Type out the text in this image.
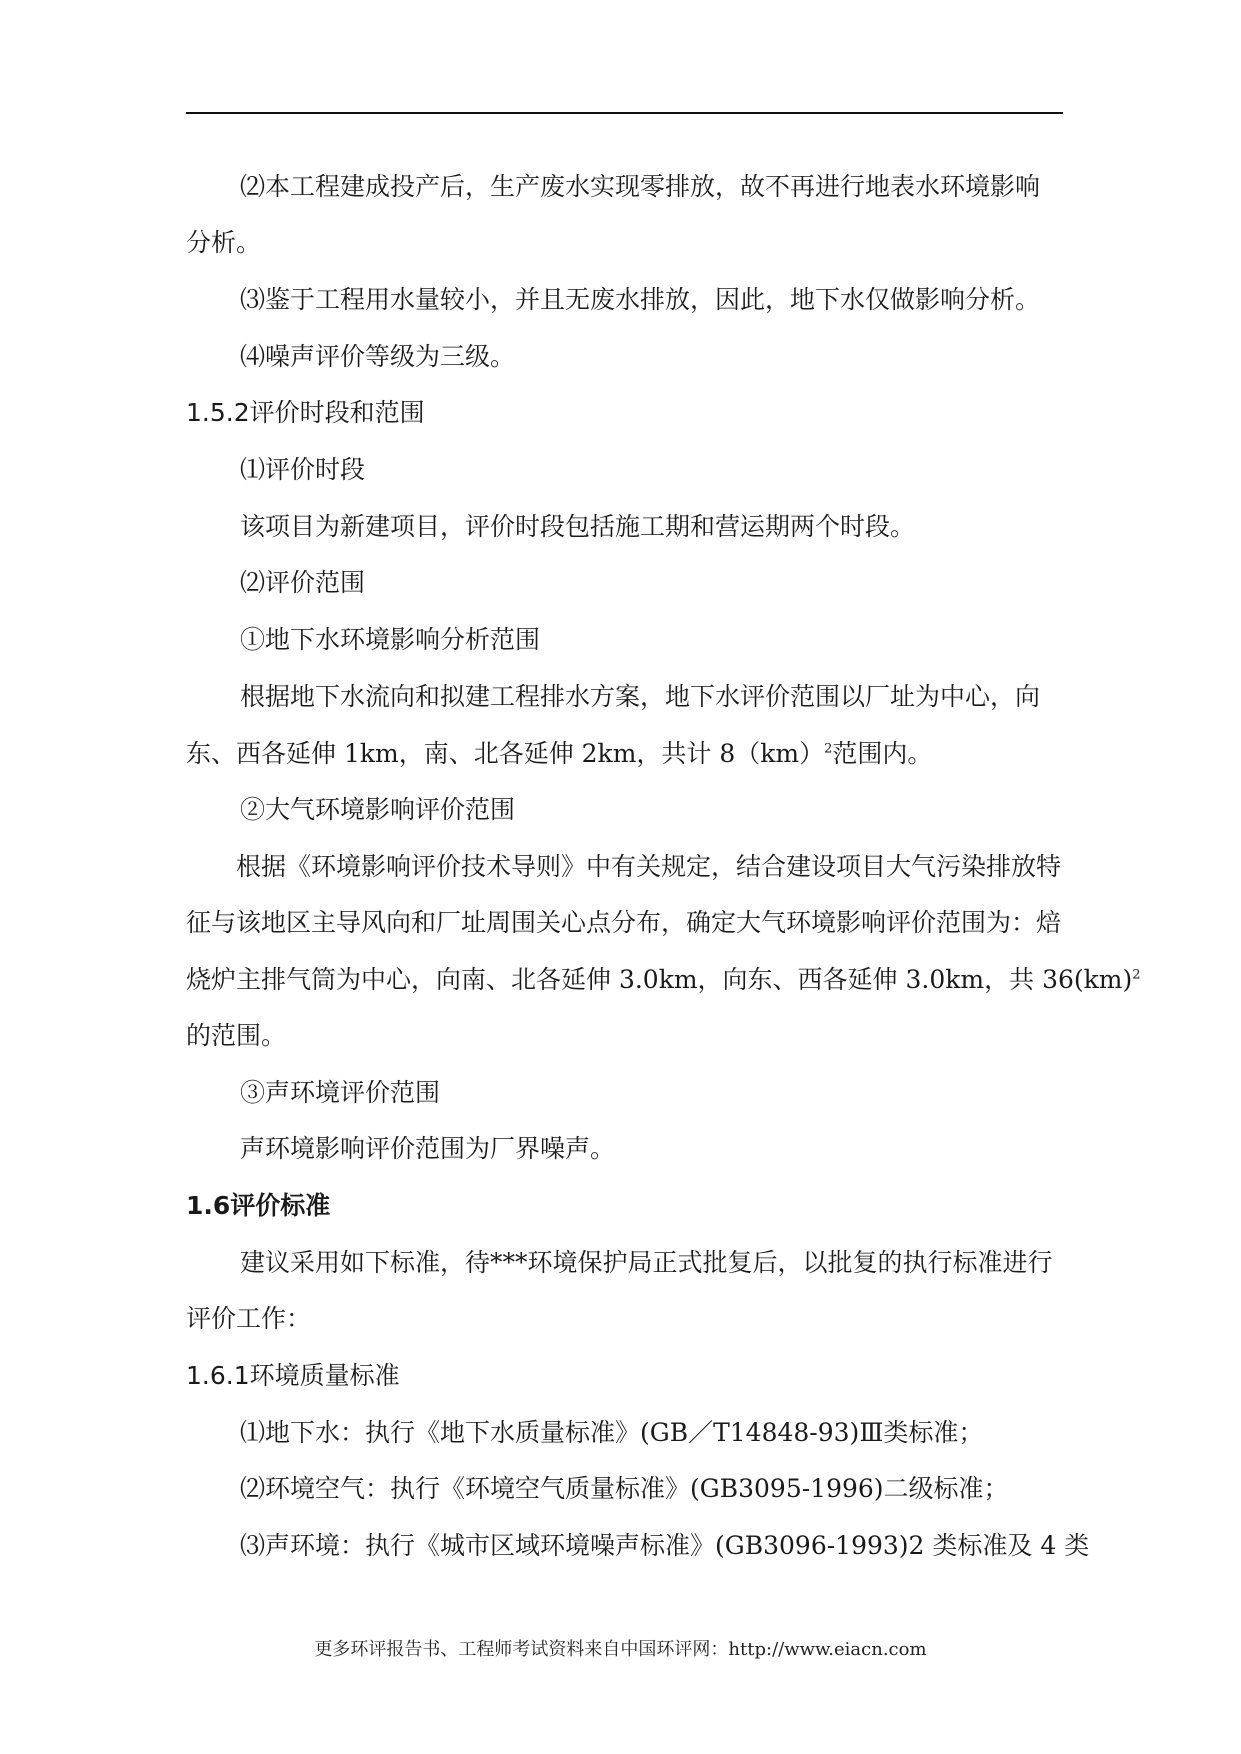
⑵本工程建成投产后，生产废水实现零排放，故不再进行地表水环境影响
分析。
⑶鉴于工程用水量较小，并且无废水排放，因此，地下水仅做影响分析。
⑷噪声评价等级为三级。
1.5.2评价时段和范围
⑴评价时段
该项目为新建项目，评价时段包括施工期和营运期两个时段。
⑵评价范围
①地下水环境影响分析范围
根据地下水流向和拟建工程排水方案，地下水评价范围以厂址为中心，向
东、西各延伸 1km，南、北各延伸 2km，共计 8（km）$^2$范围内。
②大气环境影响评价范围
根据《环境影响评价技术导则》中有关规定，结合建设项目大气污染排放特
征与该地区主导风向和厂址周围关心点分布，确定大气环境影响评价范围为：焙
烧炉主排气筒为中心，向南、北各延伸 3.0km，向东、西各延伸 3.0km，共 36(km)$^2$
的范围。
③声环境评价范围
声环境影响评价范围为厂界噪声。
1.6评价标准
建议采用如下标准，待***环境保护局正式批复后，以批复的执行标准进行
评价工作：
1.6.1环境质量标准
⑴地下水：执行《地下水质量标准》(GB／T14848-93)Ⅲ类标准；
⑵环境空气：执行《环境空气质量标准》(GB3095-1996)二级标准；
⑶声环境：执行《城市区域环境噪声标准》(GB3096-1993)2 类标准及 4 类
更多环评报告书、工程师考试资料来自中国环评网：http://www.eiacn.com
